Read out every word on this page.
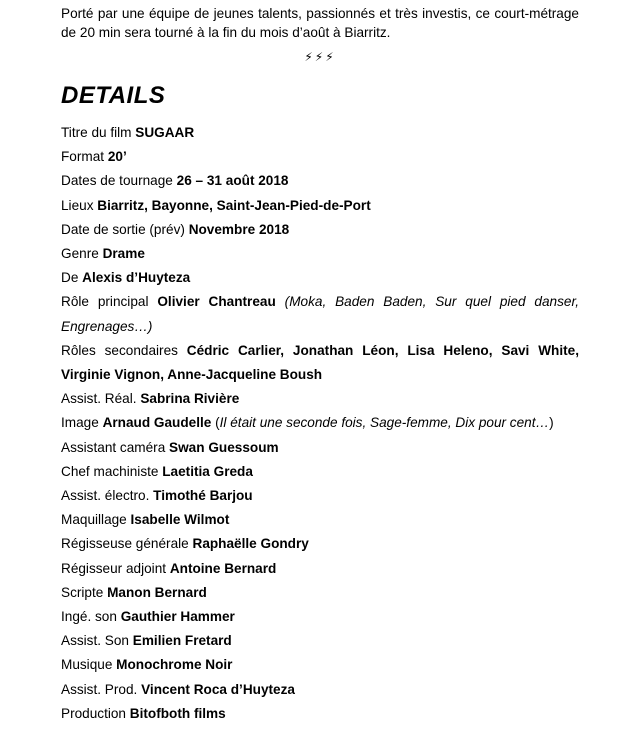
Porté par une équipe de jeunes talents, passionnés et très investis, ce court-métrage de 20 min sera tourné à la fin du mois d’août à Biarritz.

⚡⚡⚡
DETAILS
Titre du film SUGAAR
Format 20’
Dates de tournage 26 – 31 août 2018
Lieux Biarritz, Bayonne, Saint-Jean-Pied-de-Port
Date de sortie (prév) Novembre 2018
Genre Drame
De Alexis d’Huyteza
Rôle principal Olivier Chantreau (Moka, Baden Baden, Sur quel pied danser, Engrenages…)
Rôles secondaires Cédric Carlier, Jonathan Léon, Lisa Heleno, Savi White, Virginie Vignon, Anne-Jacqueline Boush
Assist. Réal. Sabrina Rivière
Image Arnaud Gaudelle (Il était une seconde fois, Sage-femme, Dix pour cent…)
Assistant caméra Swan Guessoum
Chef machiniste Laetitia Greda
Assist. électro. Timothé Barjou
Maquillage Isabelle Wilmot
Régisseuse générale Raphaëlle Gondry
Régisseur adjoint Antoine Bernard
Scripte Manon Bernard
Ingé. son Gauthier Hammer
Assist. Son Emilien Fretard
Musique Monochrome Noir
Assist. Prod. Vincent Roca d’Huyteza
Production Bitofboth films
